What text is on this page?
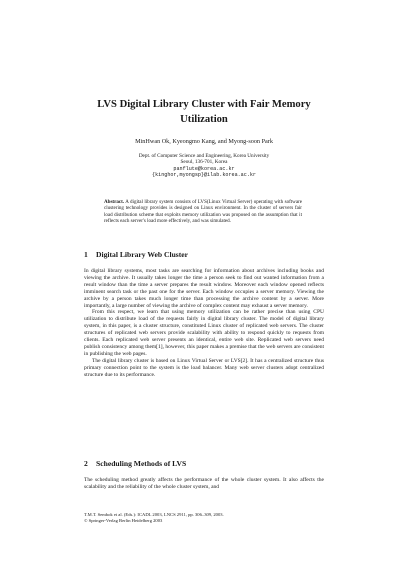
LVS Digital Library Cluster with Fair Memory
Utilization
MinHwan Ok, Kyeongmo Kang, and Myong-soon Park
Dept. of Computer Science and Engineering, Korea University
Seoul, 136-701, Korea
panflute@korea.ac.kr
{kinghor,myongsp}@ilab.korea.ac.kr
Abstract. A digital library system consists of LVS(Linux Virtual Server) operating with software clustering technology provides is designed on Linux environment. In the cluster of servers fair load distribution scheme that exploits memory utilization was proposed on the assumption that it reflects each server's load more effectively, and was simulated.
1 Digital Library Web Cluster

In digital library systems, most tasks are searching for information about archives including books and viewing the archive. It usually takes longer the time a person seek to find out wanted information from a result window than the time a server prepares the result window. Moreover each window opened reflects imminent search task or the past one for the server. Each window occupies a server memory. Viewing the archive by a person takes much longer time than processing the archive content by a server. More importantly, a large number of viewing the archive of complex content may exhaust a server memory.

From this respect, we learn that using memory utilization can be rather precise than using CPU utilization to distribute load of the requests fairly in digital library cluster. The model of digital library system, in this paper, is a cluster structure, constituted Linux cluster of replicated web servers. The cluster structures of replicated web servers provide scalability with ability to respond quickly to requests from clients. Each replicated web server presents an identical, entire web site. Replicated web servers need publish consistency among them[1], however, this paper makes a premise that the web servers are consistent in publishing the web pages.

The digital library cluster is based on Linux Virtual Server or LVS[2]. It has a centralized structure thus primary connection point to the system is the load balancer. Many web server clusters adopt centralized structure due to its performance.

2 Scheduling Methods of LVS

The scheduling method greatly affects the performance of the whole cluster system. It also affects the scalability and the reliability of the whole cluster system, and

T.M.T. Sembok et al. (Eds.): ICADL 2003, LNCS 2911, pp. 306–309, 2003.
© Springer-Verlag Berlin Heidelberg 2003
